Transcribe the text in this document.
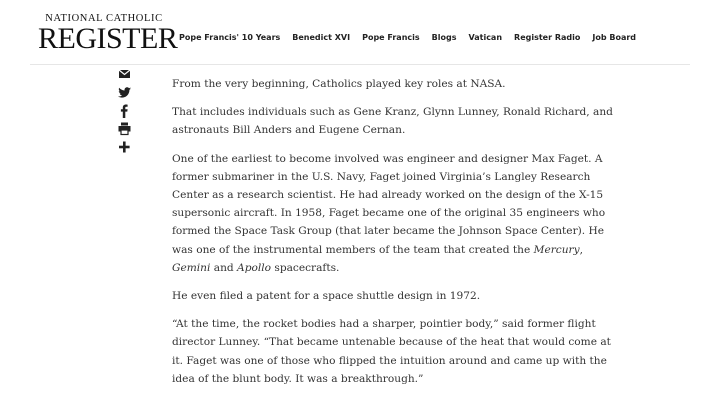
NATIONAL CATHOLIC
REGISTER Pope Francis' 10 Years Benedict XVI Pope Francis Blogs Vatican Register Radio Job Board

From the very beginning, Catholics played key roles at NASA.

That includes individuals such as Gene Kranz, Glynn Lunney, Ronald Richard, and astronauts Bill Anders and Eugene Cernan.

One of the earliest to become involved was engineer and designer Max Faget. A former submariner in the U.S. Navy, Faget joined Virginia’s Langley Research Center as a research scientist. He had already worked on the design of the X-15 supersonic aircraft. In 1958, Faget became one of the original 35 engineers who formed the Space Task Group (that later became the Johnson Space Center). He was one of the instrumental members of the team that created the Mercury, Gemini and Apollo spacecrafts.

He even filed a patent for a space shuttle design in 1972.

“At the time, the rocket bodies had a sharper, pointier body,” said former flight director Lunney. “That became untenable because of the heat that would come at it. Faget was one of those who flipped the intuition around and came up with the idea of the blunt body. It was a breakthrough.”
